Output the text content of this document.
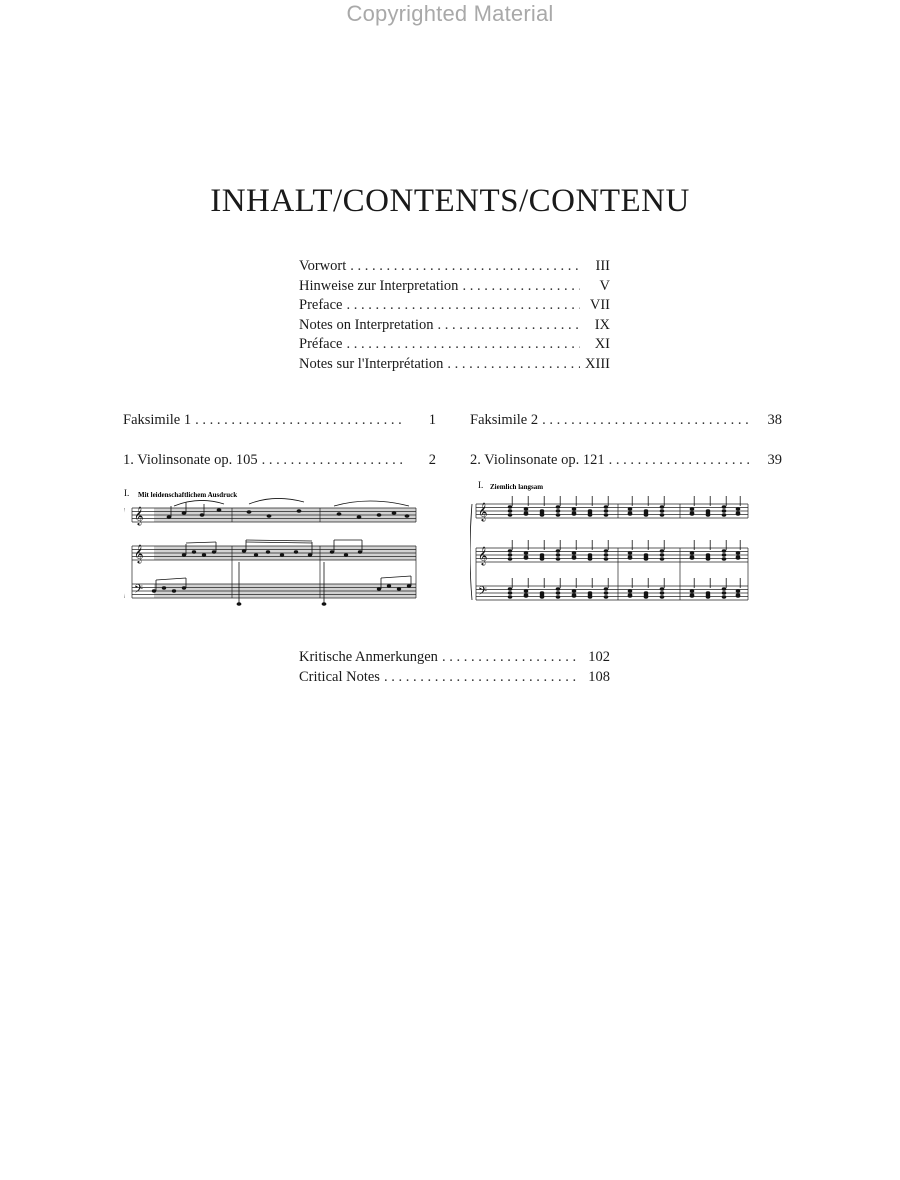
Copyrighted Material
INHALT/CONTENTS/CONTENU
Vorwort . . .	III
Hinweise zur Interpretation . . .	V
Preface . . .	VII
Notes on Interpretation . . .	IX
Préface . . .	XI
Notes sur l'Interprétation . . .	XIII
Faksimile 1 . . .	1 Faksimile 2 . . .	38
1. Violinsonate op. 105 . . .	2 2. Violinsonate op. 121 . . .	39
I. Mit leidenschaftlichem Ausdruck
𝄞
𝄞
𝄢
I. Ziemlich langsam
𝄞
𝄞
𝄢
Kritische Anmerkungen . . .	102
Critical Notes . . .	108
